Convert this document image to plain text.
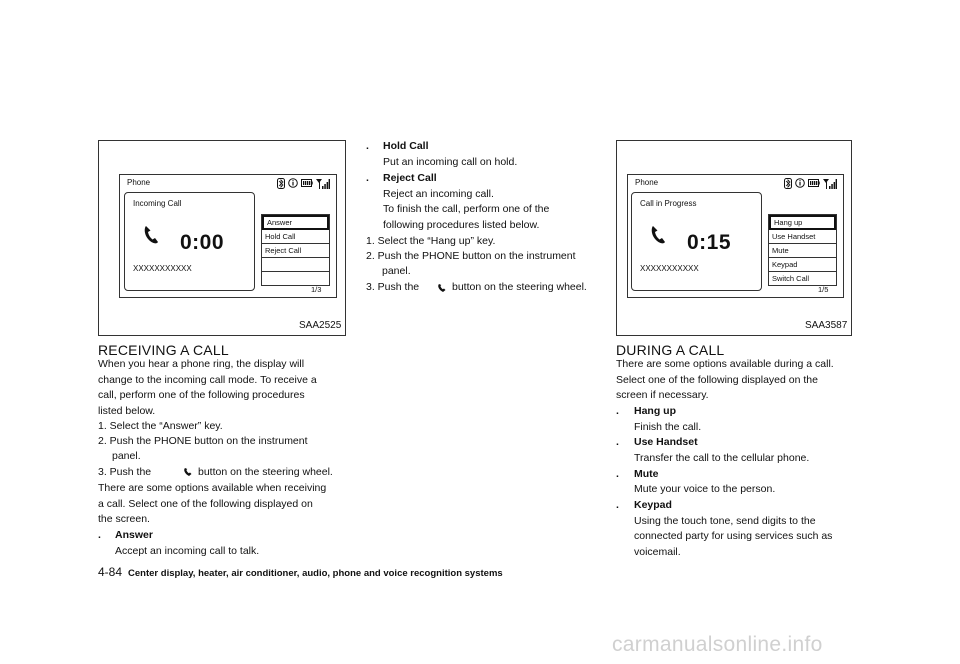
Phone
Incoming Call
0:00
XXXXXXXXXXX
Answer
Hold Call
Reject Call
1/3
SAA2525
RECEIVING A CALL
When you hear a phone ring, the display will
change to the incoming call mode. To receive a
call, perform one of the following procedures
listed below.
1. Select the “Answer” key.
2. Push the PHONE button on the instrument
panel.
3. Push the	button on the steering wheel.
There are some options available when receiving
a call. Select one of the following displayed on
the screen.
. Answer
Accept an incoming call to talk.
. Hold Call
Put an incoming call on hold.
. Reject Call
Reject an incoming call.
To finish the call, perform one of the
following procedures listed below.
1. Select the “Hang up” key.
2. Push the PHONE button on the instrument
panel.
3. Push the	button on the steering wheel.
Phone
Call in Progress
0:15
XXXXXXXXXXX
Hang up
Use Handset
Mute
Keypad
Switch Call
1/5
SAA3587
DURING A CALL
There are some options available during a call.
Select one of the following displayed on the
screen if necessary.
. Hang up
Finish the call.
. Use Handset
Transfer the call to the cellular phone.
. Mute
Mute your voice to the person.
. Keypad
Using the touch tone, send digits to the
connected party for using services such as
voicemail.
4-84 Center display, heater, air conditioner, audio, phone and voice recognition systems
carmanualsonline.info
